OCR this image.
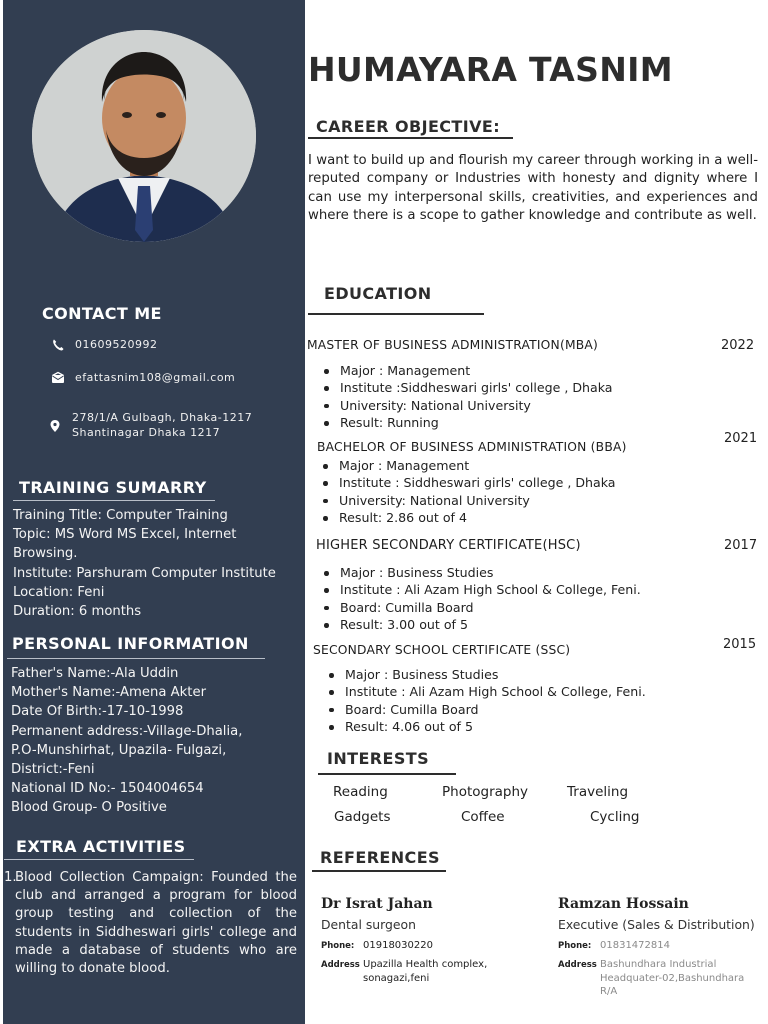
CONTACT ME
01609520992
efattasnim108@gmail.com
278/1/A Gulbagh, Dhaka-1217
Shantinagar Dhaka 1217
TRAINING SUMARRY
Training Title: Computer Training
Topic: MS Word MS Excel, Internet
Browsing.
Institute: Parshuram Computer Institute
Location: Feni
Duration: 6 months
PERSONAL INFORMATION
Father's Name:-Ala Uddin
Mother's Name:-Amena Akter
Date Of Birth:-17-10-1998
Permanent address:-Village-Dhalia,
P.O-Munshirhat, Upazila- Fulgazi,
District:-Feni
National ID No:- 1504004654
Blood Group- O Positive
EXTRA ACTIVITIES
1.
Blood Collection Campaign: Founded the club and arranged a program for blood group testing and collection of the students in Siddheswari girls' college and made a database of students who are willing to donate blood.
HUMAYARA TASNIM
CAREER OBJECTIVE:
I want to build up and flourish my career through working in a well-reputed company or Industries with honesty and dignity where I can use my interpersonal skills, creativities, and experiences and where there is a scope to gather knowledge and contribute as well.
EDUCATION
MASTER OF BUSINESS ADMINISTRATION(MBA)	2022
Major : Management
Institute :Siddheswari girls' college , Dhaka
University: National University
Result: Running
BACHELOR OF BUSINESS ADMINISTRATION (BBA)
2021
Major : Management
Institute : Siddheswari girls' college , Dhaka
University: National University
Result: 2.86 out of 4
HIGHER SECONDARY CERTIFICATE(HSC)	2017
Major : Business Studies
Institute : Ali Azam High School & College, Feni.
Board: Cumilla Board
Result: 3.00 out of 5
SECONDARY SCHOOL CERTIFICATE (SSC)	2015
Major : Business Studies
Institute : Ali Azam High School & College, Feni.
Board: Cumilla Board
Result: 4.06 out of 5
INTERESTS
Reading	Photography	Traveling
Gadgets	Coffee	Cycling
REFERENCES
Dr Israt Jahan
Dental surgeon
Phone: 01918030220
Address Upazilla Health complex,
sonagazi,feni
Ramzan Hossain
Executive (Sales & Distribution)
Phone: 01831472814
Address Bashundhara Industrial
Headquater-02,Bashundhara
R/A
